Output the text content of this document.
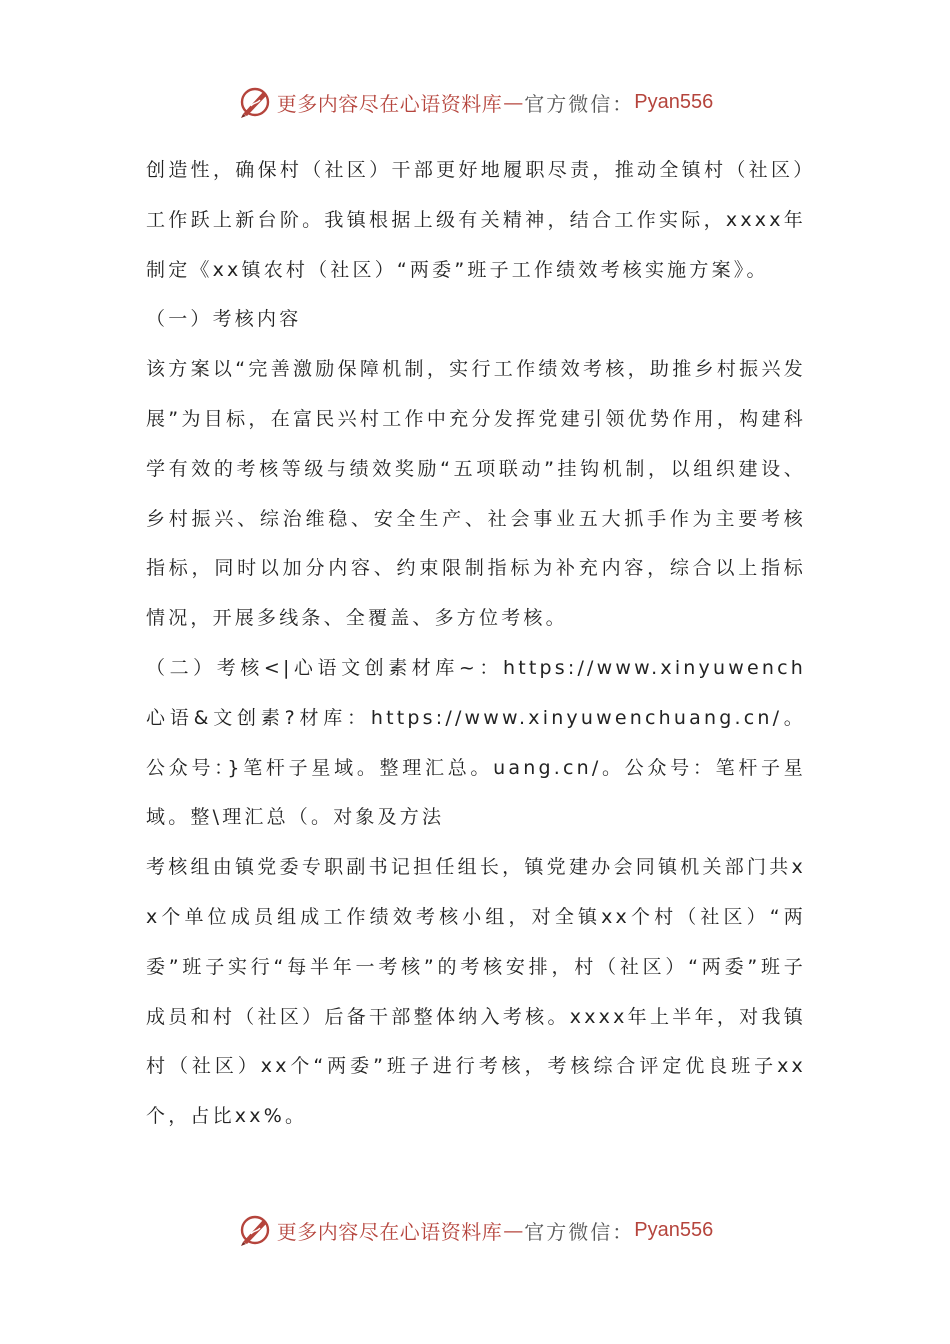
更多内容尽在心语资料库 — 官方微信： Pyan556

创造性，确保村（社区）干部更好地履职尽责，推动全镇村（社区）工作跃上新台阶。我镇根据上级有关精神，结合工作实际，xxxx年制定《xx镇农村（社区）“两委”班子工作绩效考核实施方案》。

（一）考核内容

该方案以“完善激励保障机制，实行工作绩效考核，助推乡村振兴发展”为目标，在富民兴村工作中充分发挥党建引领优势作用，构建科学有效的考核等级与绩效奖励“五项联动”挂钩机制，以组织建设、乡村振兴、综治维稳、安全生产、社会事业五大抓手作为主要考核指标，同时以加分内容、约束限制指标为补充内容，综合以上指标情况，开展多线条、全覆盖、多方位考核。

（二）考核<|心语文创素材库~：https://www.xinyuwench心语&文创素?材库：https://www.xinyuwenchuang.cn/。公众号：}笔杆子星域。整理汇总。uang.cn/。公众号：笔杆子星域。整\理汇总（。对象及方法

考核组由镇党委专职副书记担任组长，镇党建办会同镇机关部门共xx个单位成员组成工作绩效考核小组，对全镇xx个村（社区）“两委”班子实行“每半年一考核”的考核安排，村（社区）“两委”班子成员和村（社区）后备干部整体纳入考核。xxxx年上半年，对我镇村（社区）xx个“两委”班子进行考核，考核综合评定优良班子xx个，占比xx%。

更多内容尽在心语资料库 — 官方微信： Pyan556
